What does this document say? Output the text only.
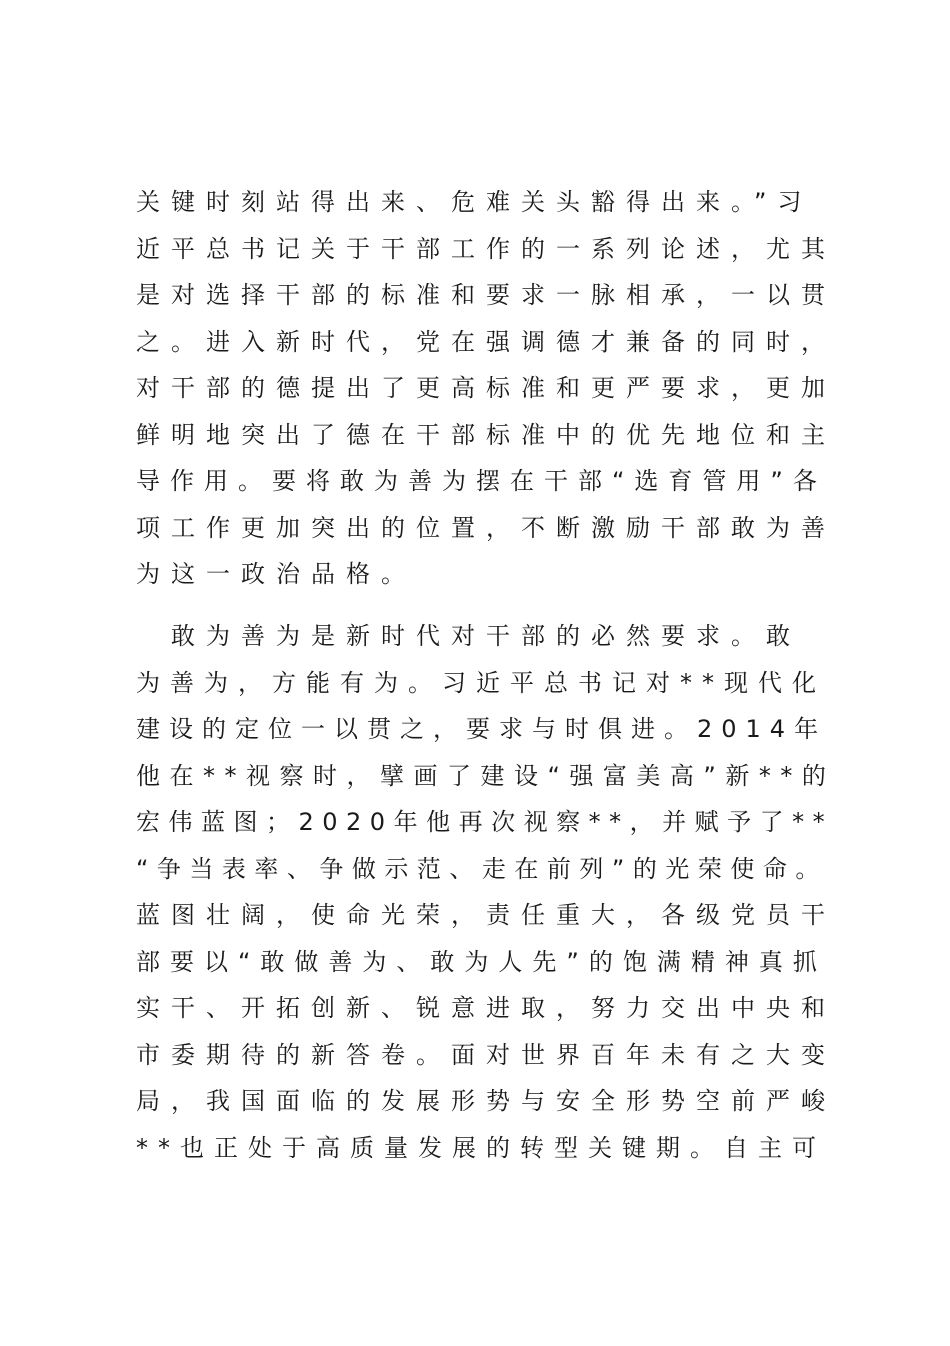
关键时刻站得出来、危难关头豁得出来。”习
近平总书记关于干部工作的一系列论述，尤其
是对选择干部的标准和要求一脉相承，一以贯
之。进入新时代，党在强调德才兼备的同时，
对干部的德提出了更高标准和更严要求，更加
鲜明地突出了德在干部标准中的优先地位和主
导作用。要将敢为善为摆在干部“选育管用”各
项工作更加突出的位置，不断激励干部敢为善
为这一政治品格。
　敢为善为是新时代对干部的必然要求。敢
为善为，方能有为。习近平总书记对**现代化
建设的定位一以贯之，要求与时俱进。2014年
他在**视察时，擘画了建设“强富美高”新**的
宏伟蓝图；2020年他再次视察**，并赋予了**
“争当表率、争做示范、走在前列”的光荣使命。
蓝图壮阔，使命光荣，责任重大，各级党员干
部要以“敢做善为、敢为人先”的饱满精神真抓
实干、开拓创新、锐意进取，努力交出中央和
市委期待的新答卷。面对世界百年未有之大变
局，我国面临的发展形势与安全形势空前严峻
**也正处于高质量发展的转型关键期。自主可
